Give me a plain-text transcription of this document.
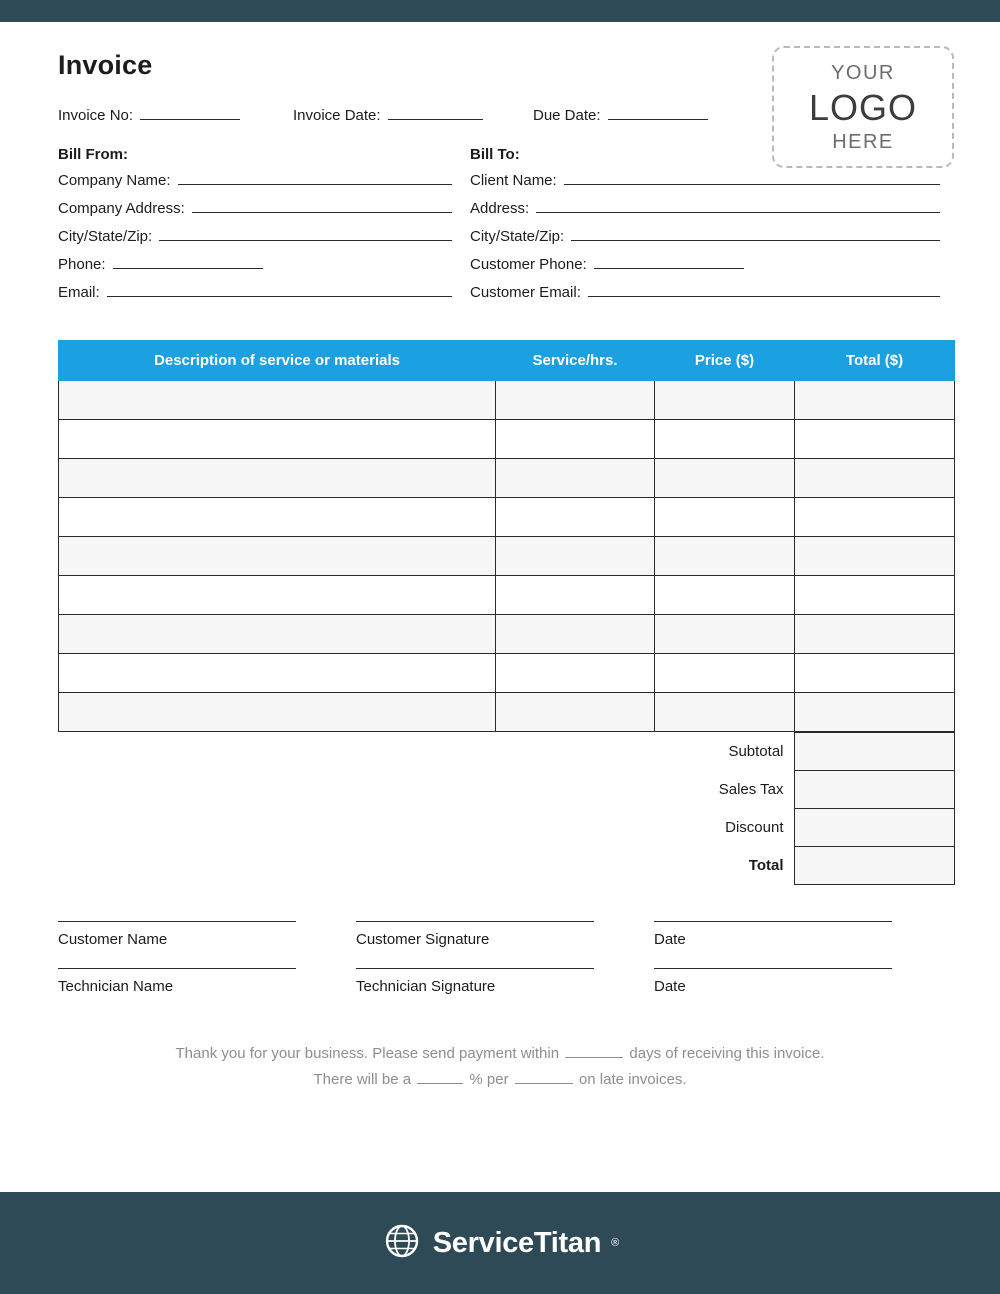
Invoice	YOUR
LOGO
HERE
Invoice No:	Invoice Date:	Due Date:
Bill From:
Company Name:
Company Address:
City/State/Zip:
Phone:
Email:
Bill To:
Client Name:
Address:
City/State/Zip:
Customer Phone:
Customer Email:
Description of service or materials	Service/hrs.	Price ($)	Total ($)

		Subtotal	
		Sales Tax	
		Discount	
		Total	
Customer Name	Customer Signature	Date
Technician Name	Technician Signature	Date
Thank you for your business. Please send payment within	days of receiving this invoice.
There will be a	% per	on late invoices.
ServiceTitan ®
